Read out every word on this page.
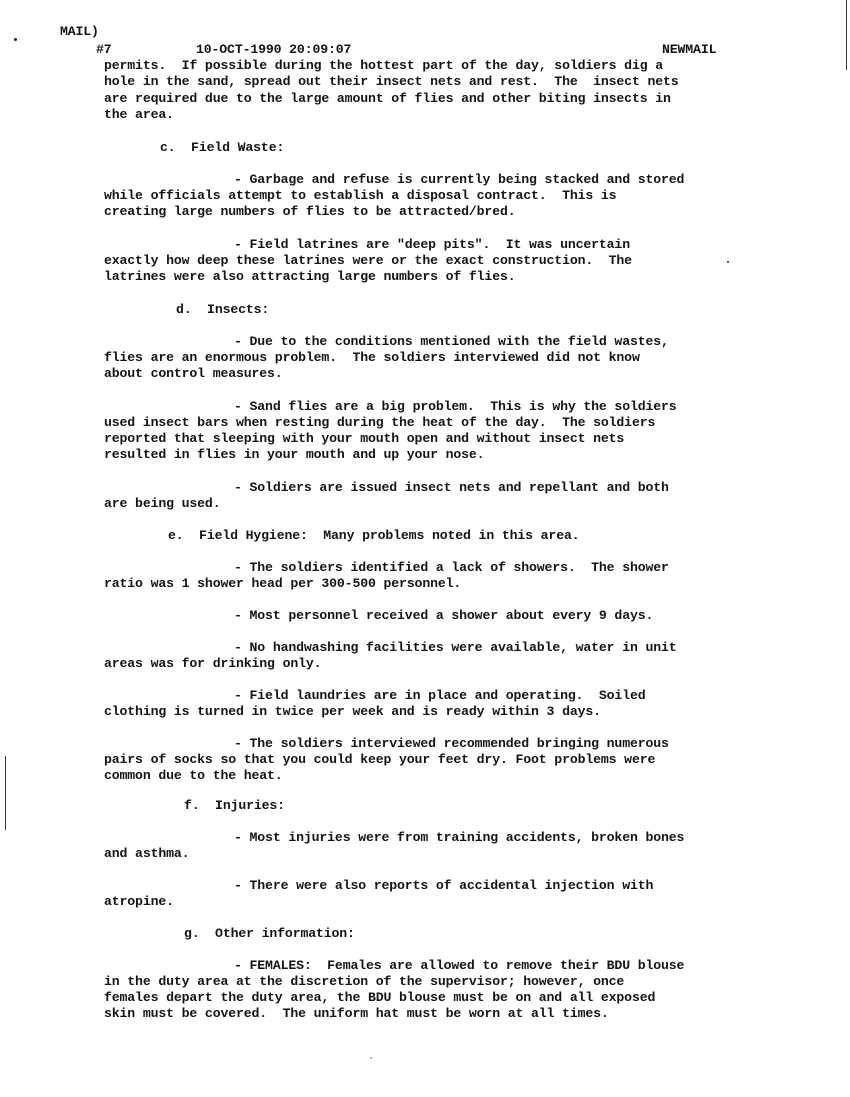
MAIL)
#7	10-OCT-1990 20:09:07	NEWMAIL
permits.  If possible during the hottest part of the day, soldiers dig a
hole in the sand, spread out their insect nets and rest.  The  insect nets
are required due to the large amount of flies and other biting insects in
the area.
c.  Field Waste:
- Garbage and refuse is currently being stacked and stored
while officials attempt to establish a disposal contract.  This is
creating large numbers of flies to be attracted/bred.
- Field latrines are "deep pits".  It was uncertain
exactly how deep these latrines were or the exact construction.  The
latrines were also attracting large numbers of flies.
d.  Insects:
- Due to the conditions mentioned with the field wastes,
flies are an enormous problem.  The soldiers interviewed did not know
about control measures.
- Sand flies are a big problem.  This is why the soldiers
used insect bars when resting during the heat of the day.  The soldiers
reported that sleeping with your mouth open and without insect nets
resulted in flies in your mouth and up your nose.
- Soldiers are issued insect nets and repellant and both
are being used.
e.  Field Hygiene:  Many problems noted in this area.
- The soldiers identified a lack of showers.  The shower
ratio was 1 shower head per 300-500 personnel.
- Most personnel received a shower about every 9 days.
- No handwashing facilities were available, water in unit
areas was for drinking only.
- Field laundries are in place and operating.  Soiled
clothing is turned in twice per week and is ready within 3 days.
- The soldiers interviewed recommended bringing numerous
pairs of socks so that you could keep your feet dry. Foot problems were
common due to the heat.
f.  Injuries:
- Most injuries were from training accidents, broken bones
and asthma.
- There were also reports of accidental injection with
atropine.
g.  Other information:
- FEMALES:  Females are allowed to remove their BDU blouse
in the duty area at the discretion of the supervisor; however, once
females depart the duty area, the BDU blouse must be on and all exposed
skin must be covered.  The uniform hat must be worn at all times.
